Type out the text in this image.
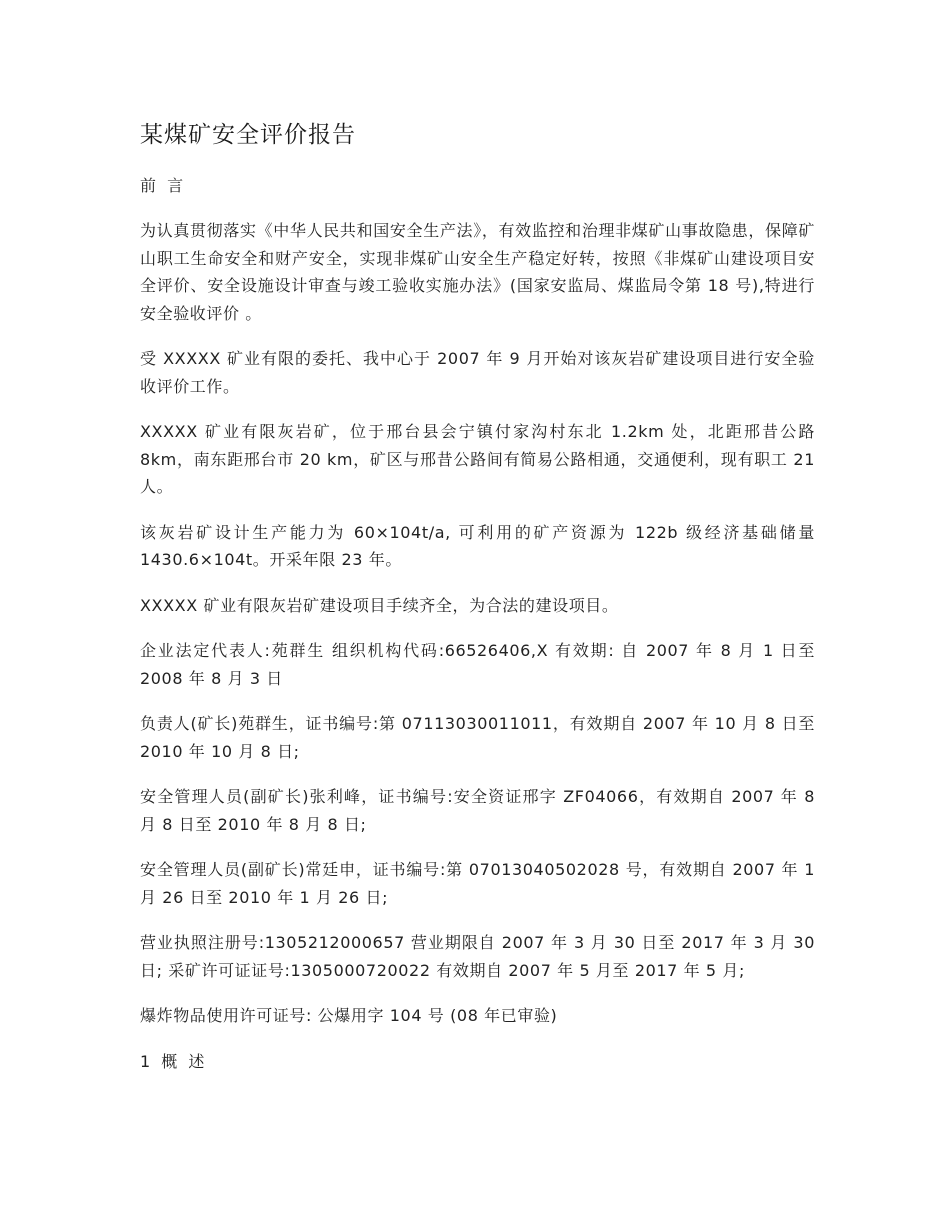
某煤矿安全评价报告
前 言

为认真贯彻落实《中华人民共和国安全生产法》，有效监控和治理非煤矿山事故隐患，保障矿山职工生命安全和财产安全，实现非煤矿山安全生产稳定好转，按照《非煤矿山建设项目安全评价、安全设施设计审查与竣工验收实施办法》(国家安监局、煤监局令第 18 号),特进行安全验收评价 。

受 XXXXX 矿业有限的委托、我中心于 2007 年 9 月开始对该灰岩矿建设项目进行安全验收评价工作。

XXXXX 矿业有限灰岩矿，位于邢台县会宁镇付家沟村东北 1.2km 处，北距邢昔公路 8km，南东距邢台市 20 km，矿区与邢昔公路间有简易公路相通，交通便利，现有职工 21 人。

该灰岩矿设计生产能力为 60×104t/a, 可利用的矿产资源为 122b 级经济基础储量 1430.6×104t。开采年限 23 年。

XXXXX 矿业有限灰岩矿建设项目手续齐全，为合法的建设项目。

企业法定代表人:苑群生 组织机构代码:66526406,X 有效期: 自 2007 年 8 月 1 日至 2008 年 8 月 3 日

负责人(矿长)苑群生，证书编号:第 07113030011011，有效期自 2007 年 10 月 8 日至 2010 年 10 月 8 日;

安全管理人员(副矿长)张利峰，证书编号:安全资证邢字 ZF04066，有效期自 2007 年 8 月 8 日至 2010 年 8 月 8 日;

安全管理人员(副矿长)常廷申，证书编号:第 07013040502028 号，有效期自 2007 年 1 月 26 日至 2010 年 1 月 26 日;

营业执照注册号:1305212000657 营业期限自 2007 年 3 月 30 日至 2017 年 3 月 30 日; 采矿许可证证号:1305000720022 有效期自 2007 年 5 月至 2017 年 5 月;

爆炸物品使用许可证号: 公爆用字 104 号 (08 年已审验)

1 概 述
